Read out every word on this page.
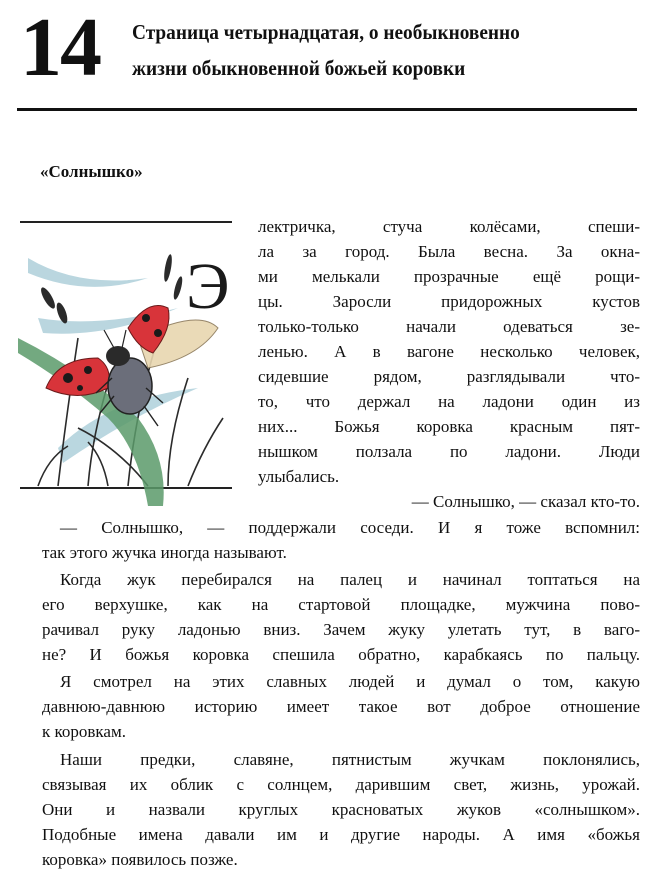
14 Страница четырнадцатая, о необыкновенно
жизни обыкновенной божьей коровки
«Солнышко»
Э
лектричка, стуча колёсами, спеши-
ла за город. Была весна. За окна-
ми мелькали прозрачные ещё рощи-
цы. Заросли придорожных кустов
только-только начали одеваться зе-
ленью. А в вагоне несколько человек,
сидевшие рядом, разглядывали что-
то, что держал на ладони один из
них... Божья коровка красным пят-
нышком ползала по ладони. Люди
улыбались.
— Солнышко, — сказал кто-то.
— Солнышко, — поддержали соседи. И я тоже вспомнил:
так этого жучка иногда называют.
Когда жук перебирался на палец и начинал топтаться на
его верхушке, как на стартовой площадке, мужчина пово-
рачивал руку ладонью вниз. Зачем жуку улетать тут, в ваго-
не? И божья коровка спешила обратно, карабкаясь по пальцу.
Я смотрел на этих славных людей и думал о том, какую
давнюю-давнюю историю имеет такое вот доброе отношение
к коровкам.
Наши предки, славяне, пятнистым жучкам поклонялись,
связывая их облик с солнцем, дарившим свет, жизнь, урожай.
Они и назвали круглых красноватых жуков «солнышком».
Подобные имена давали им и другие народы. А имя «божья
коровка» появилось позже.
